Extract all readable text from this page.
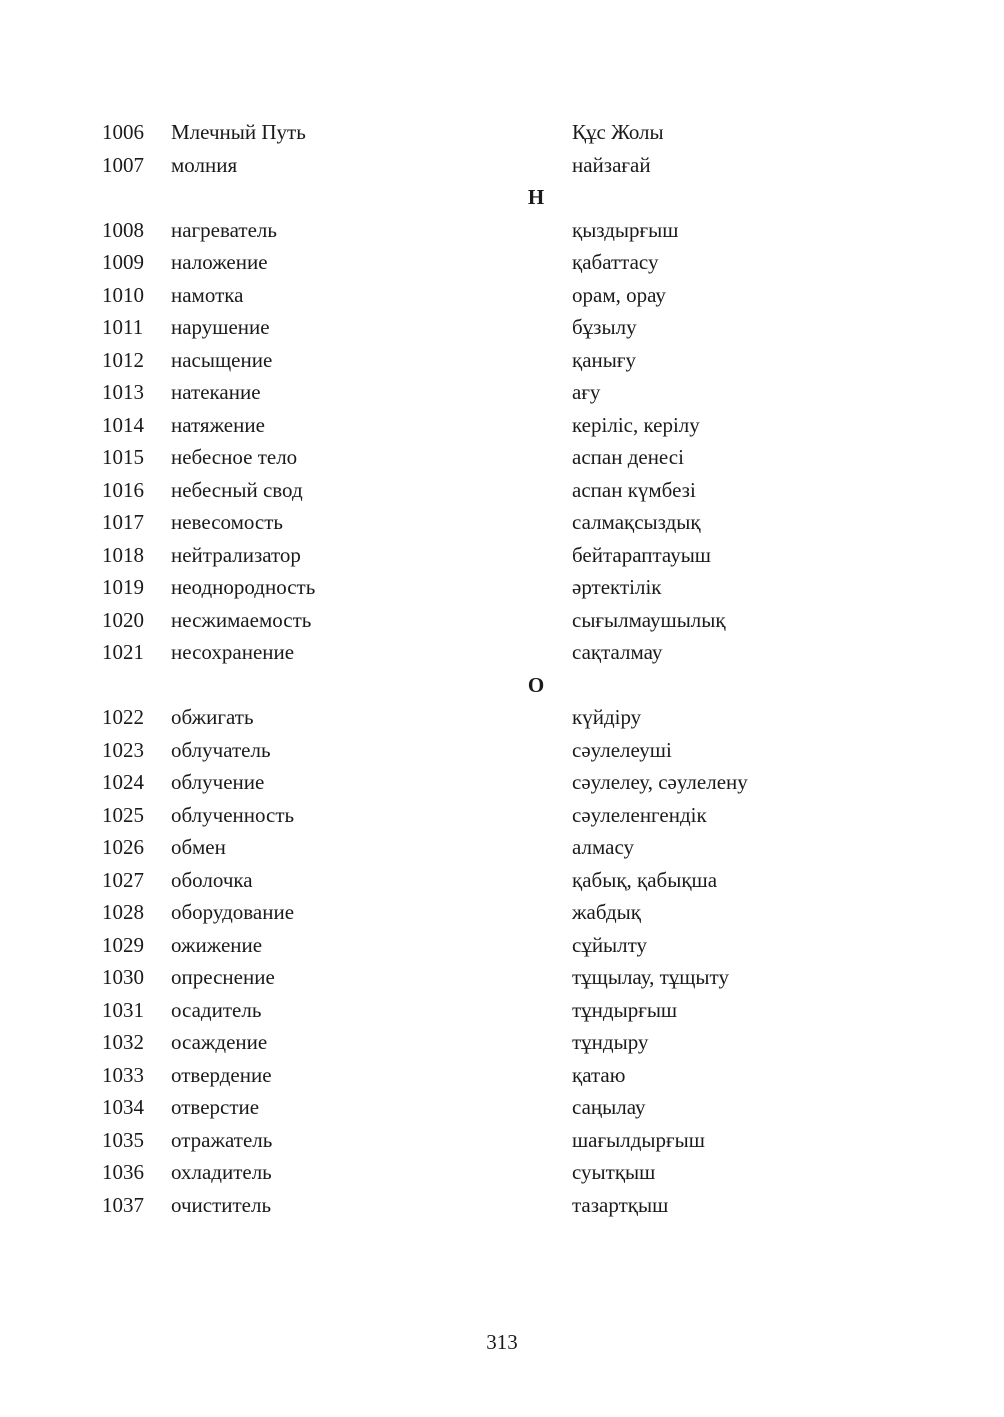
1006 Млечный Путь	Құс Жолы
1007 молния	найзағай
Н
1008 нагреватель	қыздырғыш
1009 наложение	қабаттасу
1010 намотка	орам, орау
1011 нарушение	бұзылу
1012 насыщение	қанығу
1013 натекание	ағу
1014 натяжение	керіліс, керілу
1015 небесное тело	аспан денесі
1016 небесный свод	аспан күмбезі
1017 невесомость	салмақсыздық
1018 нейтрализатор	бейтараптауыш
1019 неоднородность	әртектілік
1020 несжимаемость	сығылмаушылық
1021 несохранение	сақталмау
О
1022 обжигать	күйдіру
1023 облучатель	сәулелеуші
1024 облучение	сәулелеу, сәулелену
1025 облученность	сәулеленгендік
1026 обмен	алмасу
1027 оболочка	қабық, қабықша
1028 оборудование	жабдық
1029 ожижение	сұйылту
1030 опреснение	тұщылау, тұщыту
1031 осадитель	тұндырғыш
1032 осаждение	тұндыру
1033 отвердение	қатаю
1034 отверстие	саңылау
1035 отражатель	шағылдырғыш
1036 охладитель	суытқыш
1037 очиститель	тазартқыш
313
